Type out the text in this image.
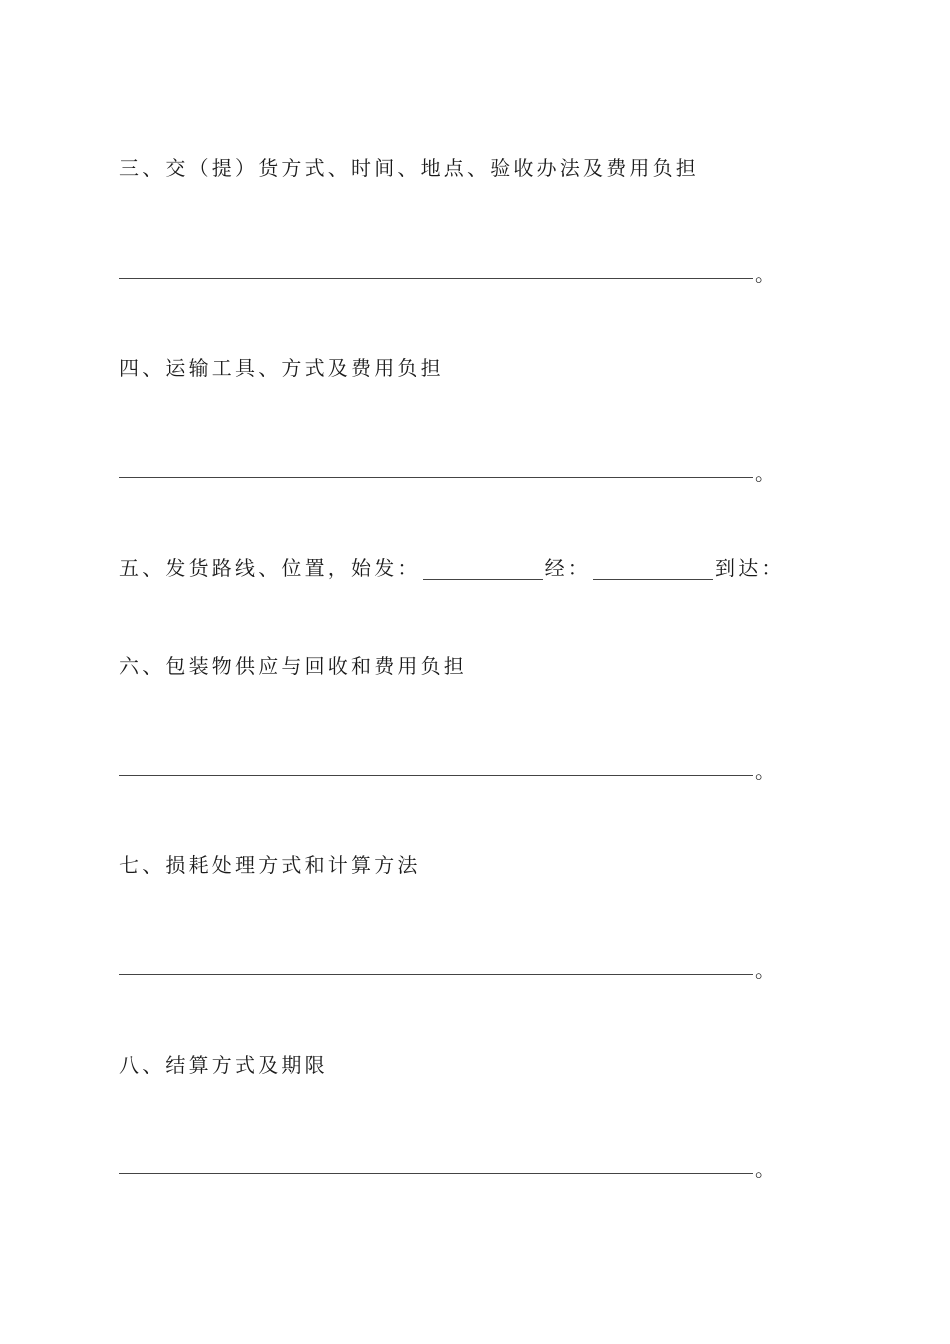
三、交（提）货方式、时间、地点、验收办法及费用负担
。
四、运输工具、方式及费用负担
。
五、发货路线、位置，始发：	经：	到达：
六、包装物供应与回收和费用负担
。
七、损耗处理方式和计算方法
。
八、结算方式及期限
。
